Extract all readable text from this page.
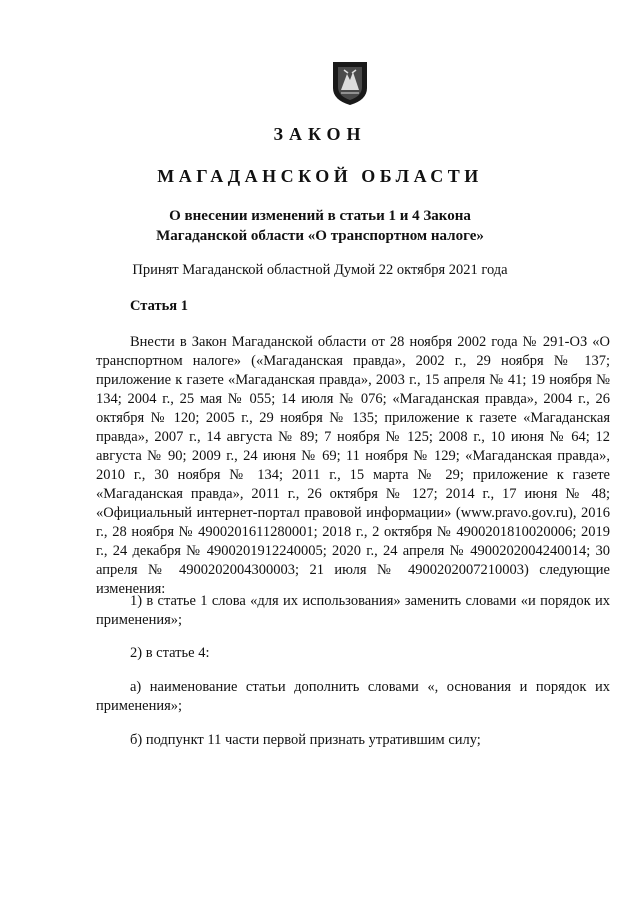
ЗАКОН
МАГАДАНСКОЙ ОБЛАСТИ
О внесении изменений в статьи 1 и 4 Закона
Магаданской области «О транспортном налоге»
Принят Магаданской областной Думой 22 октября 2021 года
Статья 1

Внести в Закон Магаданской области от 28 ноября 2002 года № 291-ОЗ «О транспортном налоге» («Магаданская правда», 2002 г., 29 ноября № 137; приложение к газете «Магаданская правда», 2003 г., 15 апреля № 41; 19 ноября № 134; 2004 г., 25 мая № 055; 14 июля № 076; «Магаданская правда», 2004 г., 26 октября № 120; 2005 г., 29 ноября № 135; приложение к газете «Магаданская правда», 2007 г., 14 августа № 89; 7 ноября № 125; 2008 г., 10 июня № 64; 12 августа № 90; 2009 г., 24 июня № 69; 11 ноября № 129; «Магаданская правда», 2010 г., 30 ноября № 134; 2011 г., 15 марта № 29; приложение к газете «Магаданская правда», 2011 г., 26 октября № 127; 2014 г., 17 июня № 48; «Официальный интернет-портал правовой информации» (www.pravo.gov.ru), 2016 г., 28 ноября № 4900201611280001; 2018 г., 2 октября № 4900201810020006; 2019 г., 24 декабря № 4900201912240005; 2020 г., 24 апреля № 4900202004240014; 30 апреля № 4900202004300003; 21 июля № 4900202007210003) следующие изменения:

1) в статье 1 слова «для их использования» заменить словами «и порядок их применения»;

2) в статье 4:

а) наименование статьи дополнить словами «, основания и порядок их применения»;

б) подпункт 11 части первой признать утратившим силу;
